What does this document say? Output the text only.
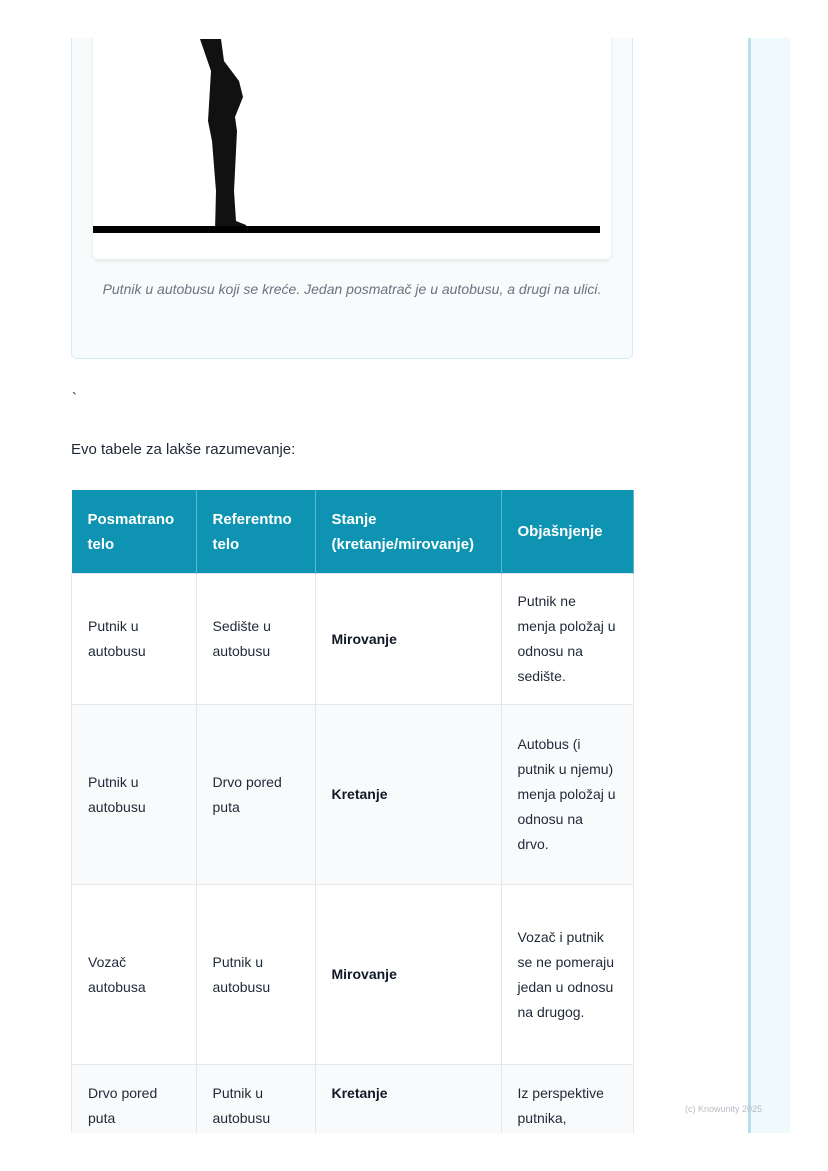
Putnik u autobusu koji se kreće. Jedan posmatrač je u autobusu, a drugi na ulici.
`
Evo tabele za lakše razumevanje:
Posmatrano telo	Referentno telo	Stanje (kretanje/mirovanje)	Objašnjenje
Putnik u autobusu	Sedište u autobusu	Mirovanje	Putnik ne menja položaj u odnosu na sedište.
Putnik u autobusu	Drvo pored puta	Kretanje	Autobus (i putnik u njemu) menja položaj u odnosu na drvo.
Vozač autobusa	Putnik u autobusu	Mirovanje	Vozač i putnik se ne pomeraju jedan u odnosu na drugog.
Drvo pored puta	Putnik u autobusu	Kretanje	Iz perspektive putnika,
(c) Knowunity 2025
